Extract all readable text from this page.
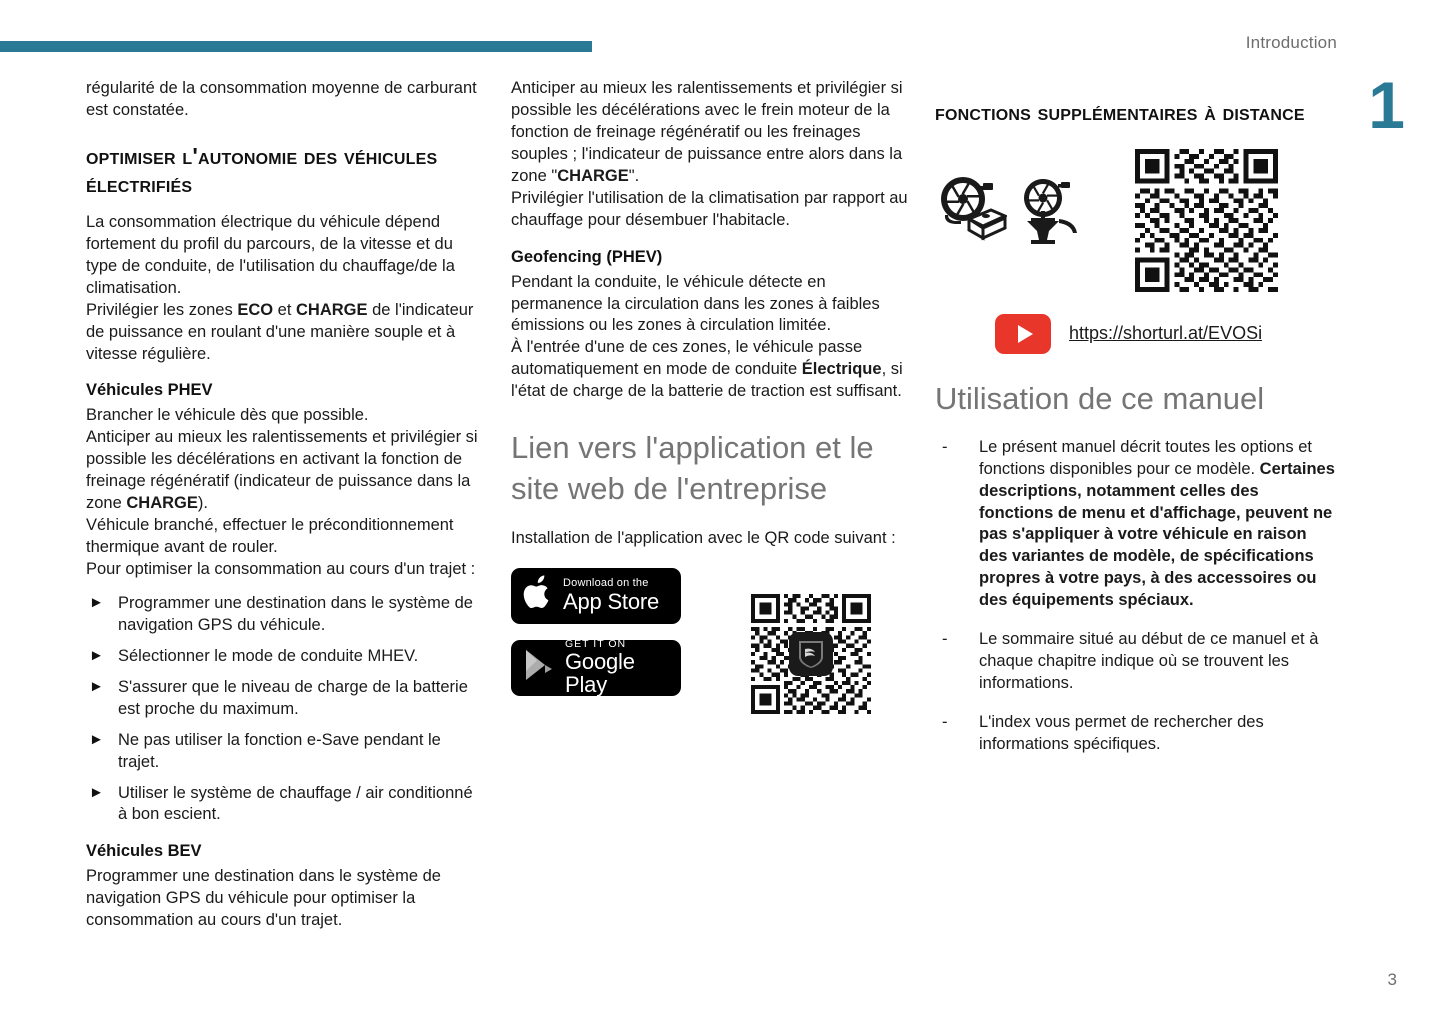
Introduction
1
3

régularité de la consommation moyenne de carburant est constatée.

optimiser l'autonomie des véhicules électrifiés

La consommation électrique du véhicule dépend fortement du profil du parcours, de la vitesse et du type de conduite, de l'utilisation du chauffage/de la climatisation.

Privilégier les zones ECO et CHARGE de l'indicateur de puissance en roulant d'une manière souple et à vitesse régulière.

Véhicules PHEV

Brancher le véhicule dès que possible.

Anticiper au mieux les ralentissements et privilégier si possible les décélérations en activant la fonction de freinage régénératif (indicateur de puissance dans la zone CHARGE).

Véhicule branché, effectuer le préconditionnement thermique avant de rouler.

Pour optimiser la consommation au cours d'un trajet :

► Programmer une destination dans le système de navigation GPS du véhicule.
► Sélectionner le mode de conduite MHEV.
► S'assurer que le niveau de charge de la batterie est proche du maximum.
► Ne pas utiliser la fonction e-Save pendant le trajet.
► Utiliser le système de chauffage / air conditionné à bon escient.
Véhicules BEV

Programmer une destination dans le système de navigation GPS du véhicule pour optimiser la consommation au cours d'un trajet.

Anticiper au mieux les ralentissements et privilégier si possible les décélérations avec le frein moteur de la fonction de freinage régénératif ou les freinages souples ; l'indicateur de puissance entre alors dans la zone "CHARGE".

Privilégier l'utilisation de la climatisation par rapport au chauffage pour désembuer l'habitacle.

Geofencing (PHEV)

Pendant la conduite, le véhicule détecte en permanence la circulation dans les zones à faibles émissions ou les zones à circulation limitée.

À l'entrée d'une de ces zones, le véhicule passe automatiquement en mode de conduite Électrique, si l'état de charge de la batterie de traction est suffisant.

Lien vers l'application et le site web de l'entreprise

Installation de l'application avec le QR code suivant :

Download on the
App Store
GET IT ON
Google Play
fonctions supplémentaires à distance
https://shorturl.at/EVOSi
Utilisation de ce manuel
- Le présent manuel décrit toutes les options et fonctions disponibles pour ce modèle. Certaines descriptions, notamment celles des fonctions de menu et d'affichage, peuvent ne pas s'appliquer à votre véhicule en raison des variantes de modèle, de spécifications propres à votre pays, à des accessoires ou des équipements spéciaux.
- Le sommaire situé au début de ce manuel et à chaque chapitre indique où se trouvent les informations.
- L'index vous permet de rechercher des informations spécifiques.
